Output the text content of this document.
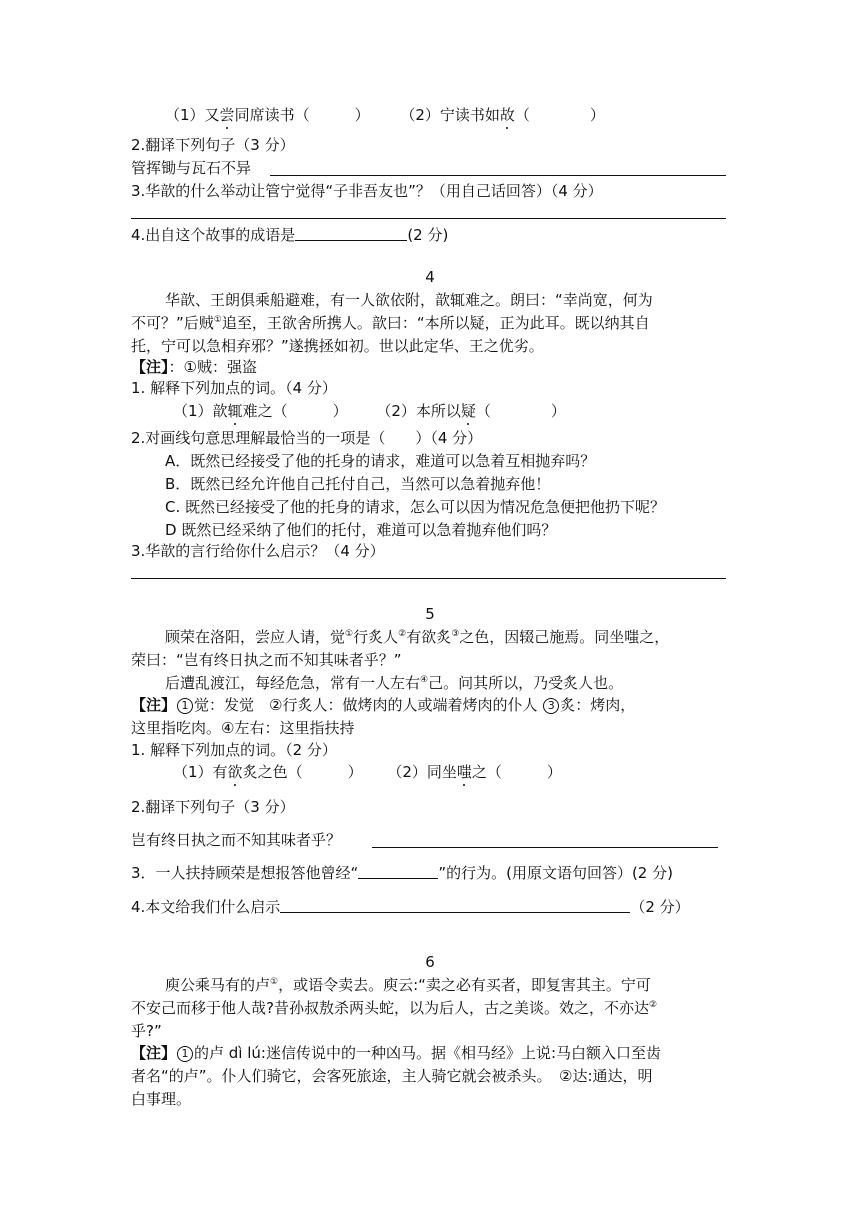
（1）又尝同席读书（　　　） （2）宁读书如故（　　　　）
2.翻译下列句子（3 分）
管挥锄与瓦石不异
3.华歆的什么举动让管宁觉得“子非吾友也”？（用自己话回答）（4 分）
4.出自这个故事的成语是	(2 分)
4
华歆、王朗俱乘船避难，有一人欲依附，歆辄难之。朗曰：“幸尚宽，何为
不可？”后贼①追至，王欲舍所携人。歆曰：“本所以疑，正为此耳。既以纳其自
托，宁可以急相弃邪？”遂携拯如初。世以此定华、王之优劣。
【注】：①贼：强盗
1. 解释下列加点的词。（4 分）
（1）歆辄难之（　　　） （2）本所以疑（　　　　）
2.对画线句意思理解最恰当的一项是（　　）（4 分）
A．既然已经接受了他的托身的请求，难道可以急着互相抛弃吗？
B．既然已经允许他自己托付自己，当然可以急着抛弃他！
C. 既然已经接受了他的托身的请求，怎么可以因为情况危急便把他扔下呢？
D 既然已经采纳了他们的托付，难道可以急着抛弃他们吗？
3.华歆的言行给你什么启示？（4 分）
5
顾荣在洛阳，尝应人请，觉①行炙人②有欲炙③之色，因辍己施焉。同坐嗤之，
荣曰：“岂有终日执之而不知其味者乎？”
后遭乱渡江，每经危急，常有一人左右④己。问其所以，乃受炙人也。
【注】 1 觉：发觉　②行炙人：做烤肉的人或端着烤肉的仆人 3 炙：烤肉，
这里指吃肉。④左右：这里指扶持
1. 解释下列加点的词。（2 分）
（1）有欲炙之色（　　　） （2）同坐嗤之（　　　）
2.翻译下列句子（3 分）
岂有终日执之而不知其味者乎？
3．一人扶持顾荣是想报答他曾经“	”的行为。(用原文语句回答）(2 分)
4.本文给我们什么启示	（2 分）
6
庾公乘马有的卢①，或语令卖去。庾云:“卖之必有买者，即复害其主。宁可
不安己而移于他人哉?昔孙叔敖杀两头蛇，以为后人，古之美谈。效之，不亦达②
乎?”
【注】 1 的卢 dì lú:迷信传说中的一种凶马。据《相马经》上说:马白额入口至齿
者名“的卢”。仆人们骑它，会客死旅途，主人骑它就会被杀头。　②达:通达，明
白事理。
